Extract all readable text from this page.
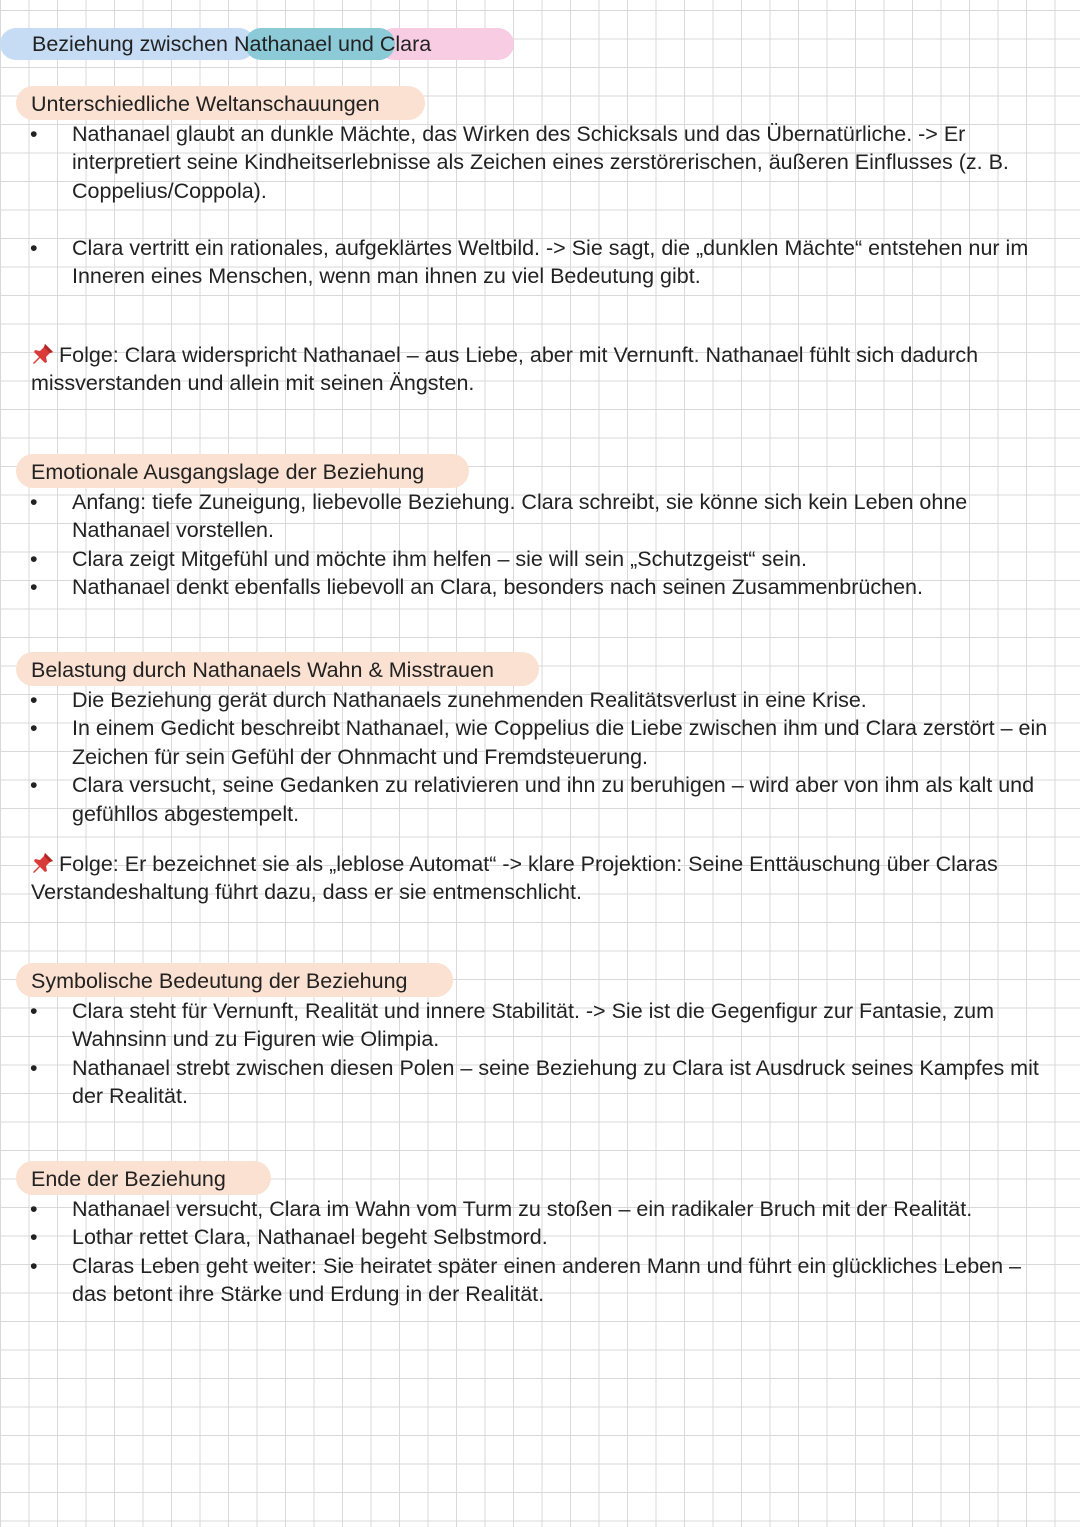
Beziehung zwischen Nathanael und Clara
Unterschiedliche Weltanschauungen
• Nathanael glaubt an dunkle Mächte, das Wirken des Schicksals und das Übernatürliche. -> Er interpretiert seine Kindheitserlebnisse als Zeichen eines zerstörerischen, äußeren Einflusses (z. B. Coppelius/Coppola).
• Clara vertritt ein rationales, aufgeklärtes Weltbild. -> Sie sagt, die „dunklen Mächte“ entstehen nur im Inneren eines Menschen, wenn man ihnen zu viel Bedeutung gibt.
Folge: Clara widerspricht Nathanael – aus Liebe, aber mit Vernunft. Nathanael fühlt sich dadurch missverstanden und allein mit seinen Ängsten.
Emotionale Ausgangslage der Beziehung
• Anfang: tiefe Zuneigung, liebevolle Beziehung. Clara schreibt, sie könne sich kein Leben ohne Nathanael vorstellen.
• Clara zeigt Mitgefühl und möchte ihm helfen – sie will sein „Schutzgeist“ sein.
• Nathanael denkt ebenfalls liebevoll an Clara, besonders nach seinen Zusammenbrüchen.
Belastung durch Nathanaels Wahn & Misstrauen
• Die Beziehung gerät durch Nathanaels zunehmenden Realitätsverlust in eine Krise.
• In einem Gedicht beschreibt Nathanael, wie Coppelius die Liebe zwischen ihm und Clara zerstört – ein Zeichen für sein Gefühl der Ohnmacht und Fremdsteuerung.
• Clara versucht, seine Gedanken zu relativieren und ihn zu beruhigen – wird aber von ihm als kalt und gefühllos abgestempelt.
Folge: Er bezeichnet sie als „leblose Automat“ -> klare Projektion: Seine Enttäuschung über Claras Verstandeshaltung führt dazu, dass er sie entmenschlicht.
Symbolische Bedeutung der Beziehung
• Clara steht für Vernunft, Realität und innere Stabilität. -> Sie ist die Gegenfigur zur Fantasie, zum Wahnsinn und zu Figuren wie Olimpia.
• Nathanael strebt zwischen diesen Polen – seine Beziehung zu Clara ist Ausdruck seines Kampfes mit der Realität.
Ende der Beziehung
• Nathanael versucht, Clara im Wahn vom Turm zu stoßen – ein radikaler Bruch mit der Realität.
• Lothar rettet Clara, Nathanael begeht Selbstmord.
• Claras Leben geht weiter: Sie heiratet später einen anderen Mann und führt ein glückliches Leben – das betont ihre Stärke und Erdung in der Realität.
